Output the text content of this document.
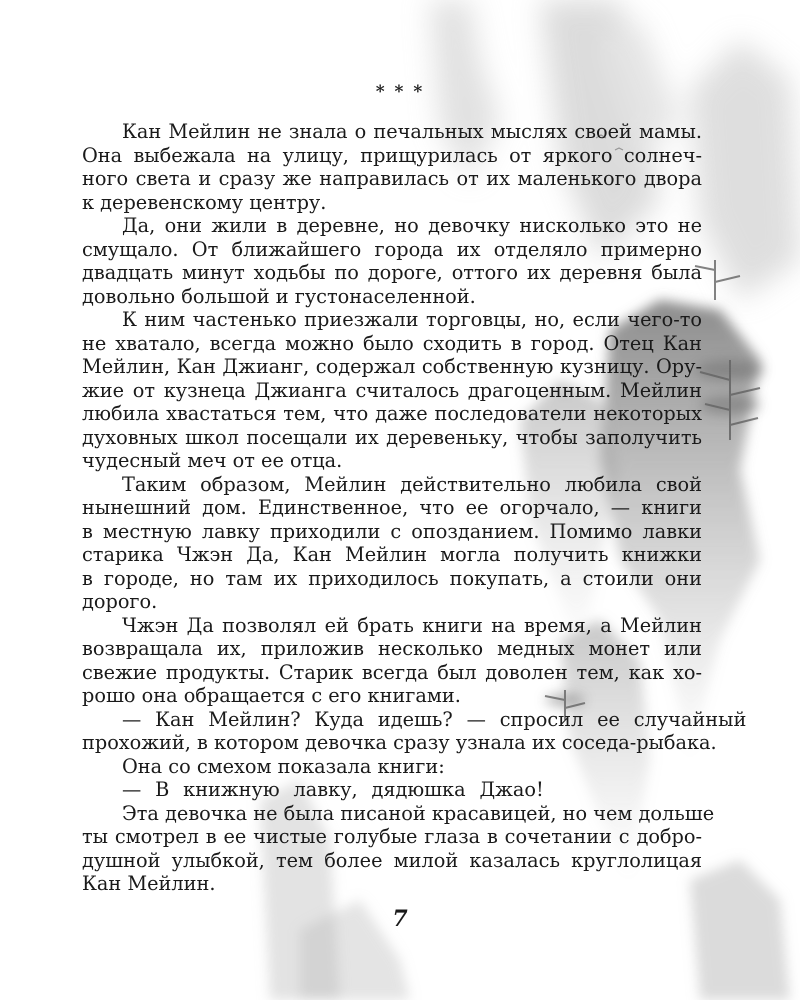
* * *
Кан Мейлин не знала о печальных мыслях своей мамы.
Она выбежала на улицу, прищурилась от яркого солнеч-
ного света и сразу же направилась от их маленького двора
к деревенскому центру.
Да, они жили в деревне, но девочку нисколько это не
смущало. От ближайшего города их отделяло примерно
двадцать минут ходьбы по дороге, оттого их деревня была
довольно большой и густонаселенной.
К ним частенько приезжали торговцы, но, если чего-то
не хватало, всегда можно было сходить в город. Отец Кан
Мейлин, Кан Джианг, содержал собственную кузницу. Ору-
жие от кузнеца Джианга считалось драгоценным. Мейлин
любила хвастаться тем, что даже последователи некоторых
духовных школ посещали их деревеньку, чтобы заполучить
чудесный меч от ее отца.
Таким образом, Мейлин действительно любила свой
нынешний дом. Единственное, что ее огорчало, — книги
в местную лавку приходили с опозданием. Помимо лавки
старика Чжэн Да, Кан Мейлин могла получить книжки
в городе, но там их приходилось покупать, а стоили они
дорого.
Чжэн Да позволял ей брать книги на время, а Мейлин
возвращала их, приложив несколько медных монет или
свежие продукты. Старик всегда был доволен тем, как хо-
рошо она обращается с его книгами.
— Кан Мейлин? Куда идешь? — спросил ее случайный
прохожий, в котором девочка сразу узнала их соседа-рыбака.
Она со смехом показала книги:
— В книжную лавку, дядюшка Джао!
Эта девочка не была писаной красавицей, но чем дольше
ты смотрел в ее чистые голубые глаза в сочетании с добро-
душной улыбкой, тем более милой казалась круглолицая
Кан Мейлин.
7
